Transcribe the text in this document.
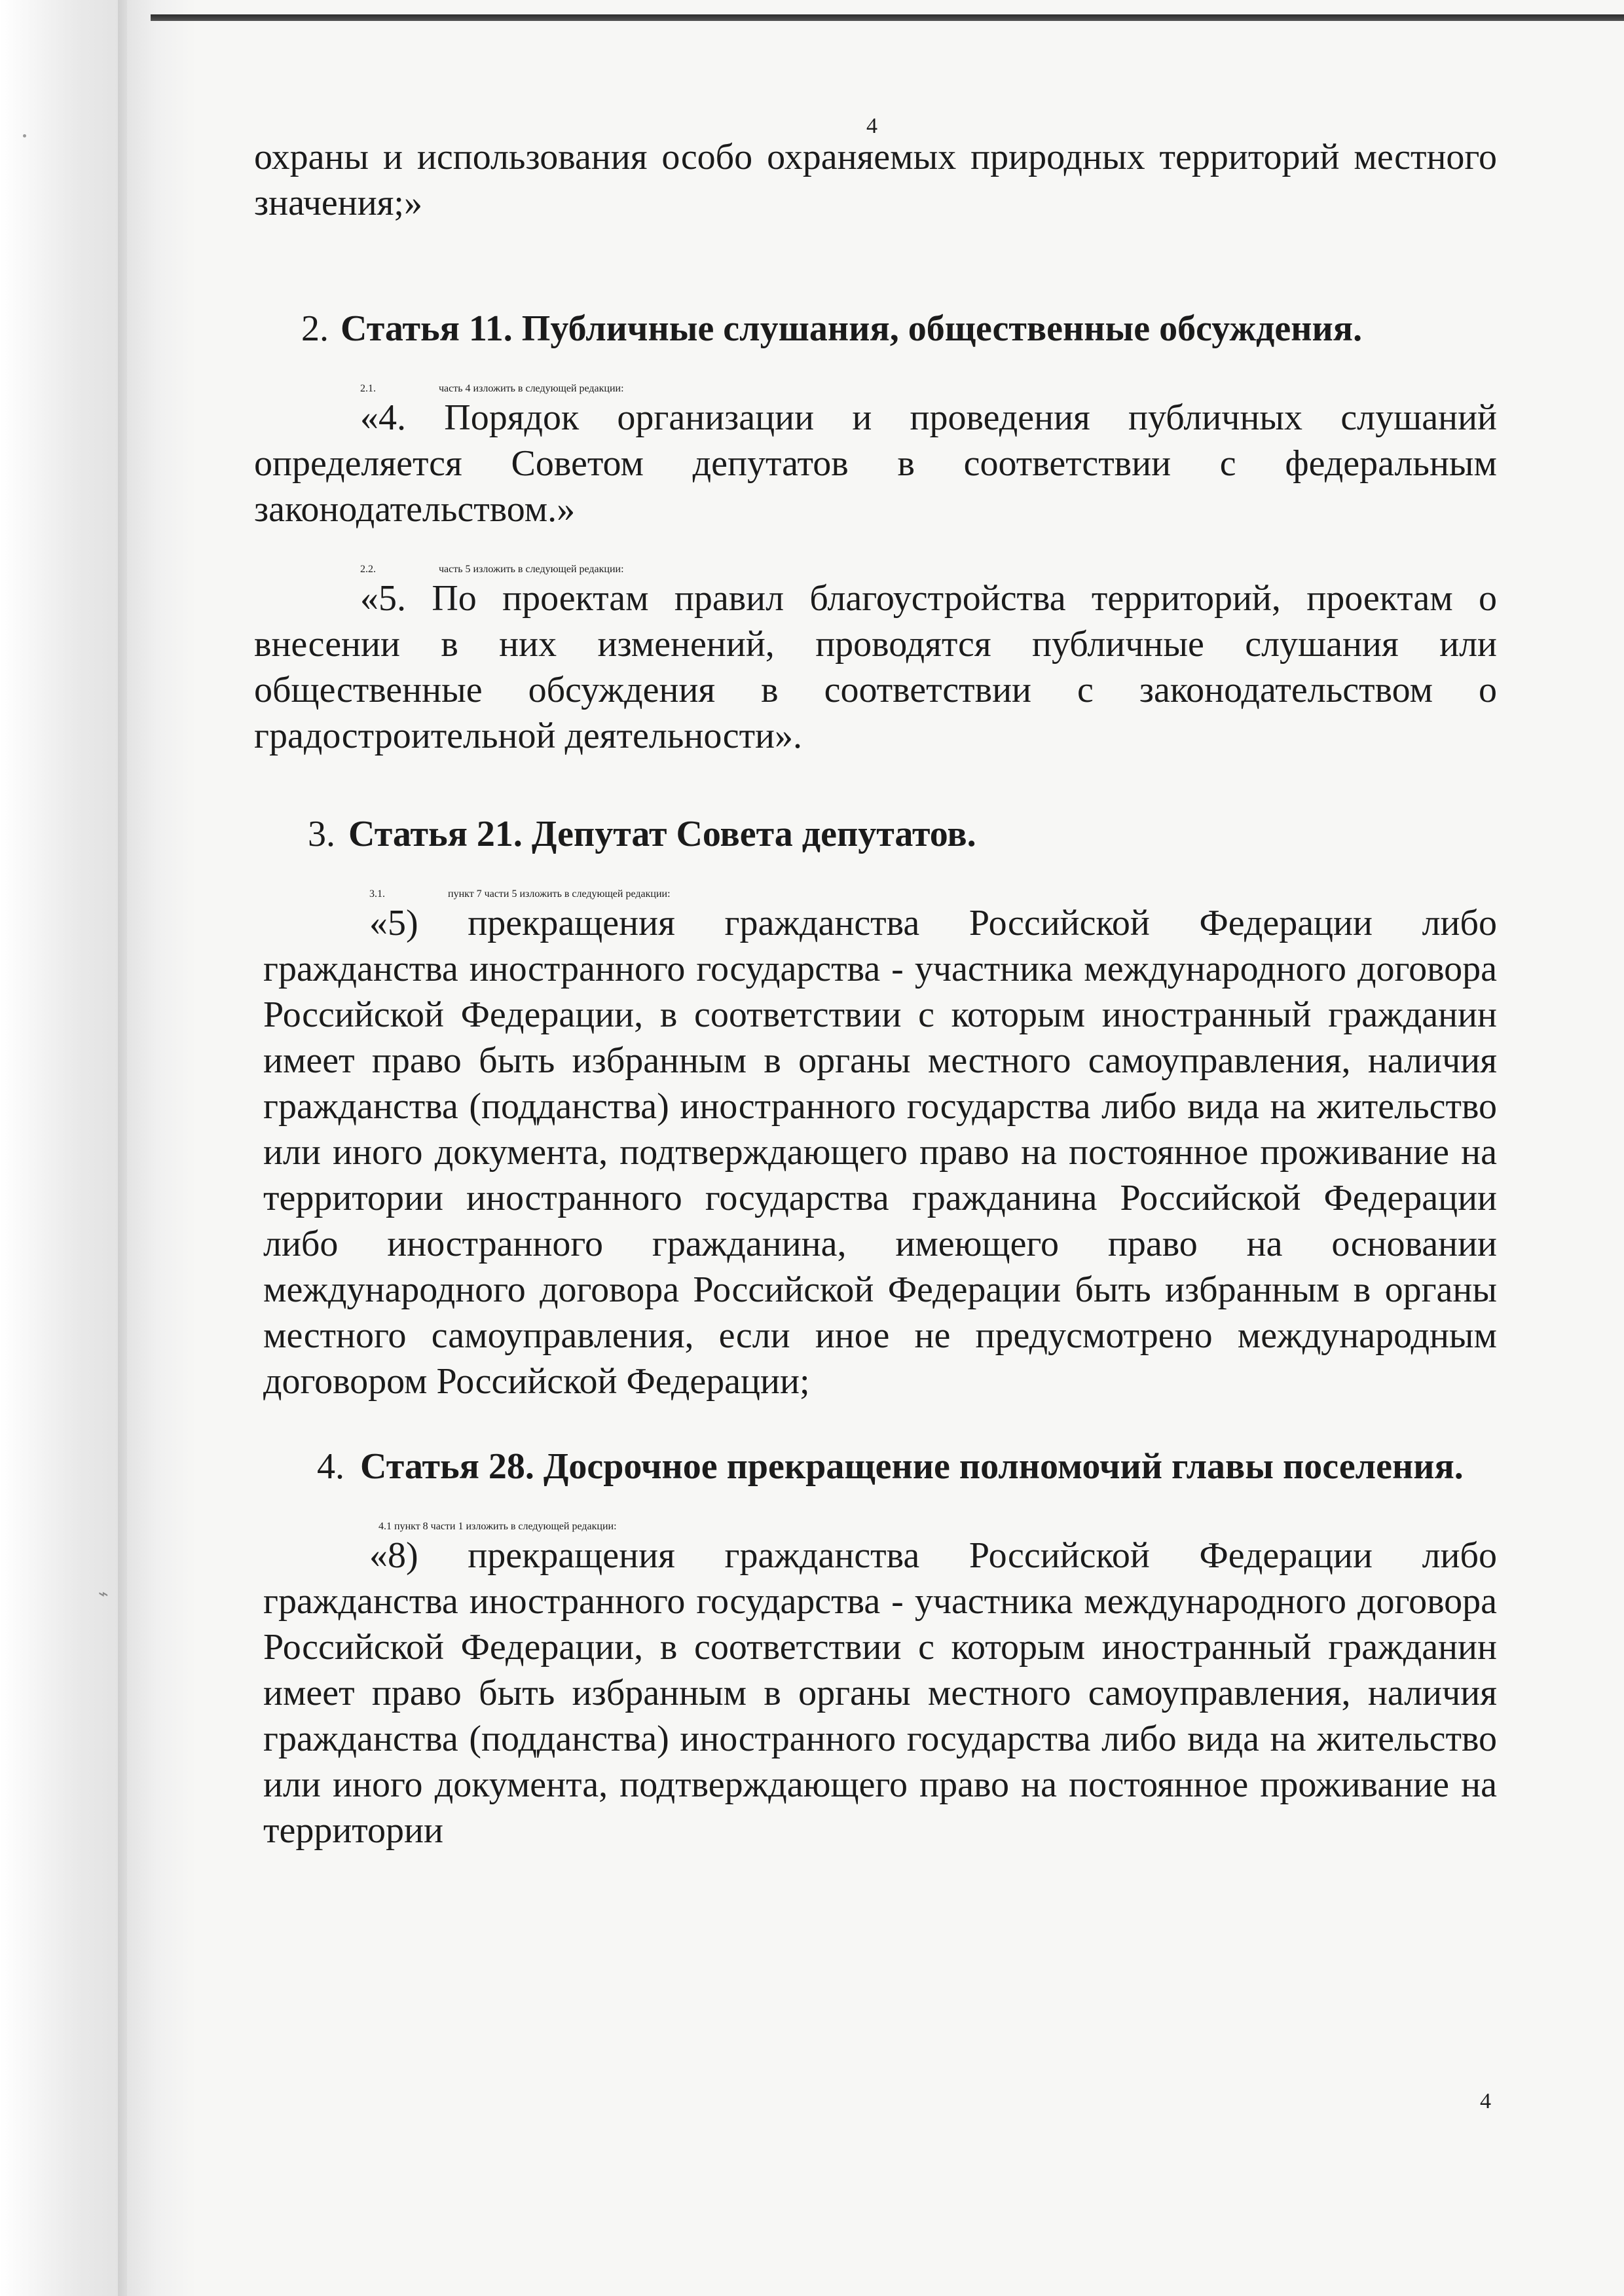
⌁
4

охраны и использования особо охраняемых природных территорий местного значения;»

2. Статья 11. Публичные слушания, общественные обсуждения.
2.1.	часть 4 изложить в следующей редакции:

«4. Порядок организации и проведения публичных слушаний определяется Советом депутатов в соответствии с федеральным законодательством.»

2.2.	часть 5 изложить в следующей редакции:

«5. По проектам правил благоустройства территорий, проектам о внесении в них изменений, проводятся публичные слушания или общественные обсуждения в соответствии с законодательством о градостроительной деятельности».

3. Статья 21. Депутат Совета депутатов.
3.1.	пункт 7 части 5 изложить в следующей редакции:

«5) прекращения гражданства Российской Федерации либо гражданства иностранного государства - участника международного договора Российской Федерации, в соответствии с которым иностранный гражданин имеет право быть избранным в органы местного самоуправления, наличия гражданства (подданства) иностранного государства либо вида на жительство или иного документа, подтверждающего право на постоянное проживание на территории иностранного государства гражданина Российской Федерации либо иностранного гражданина, имеющего право на основании международного договора Российской Федерации быть избранным в органы местного самоуправления, если иное не предусмотрено международным договором Российской Федерации;

4. Статья 28. Досрочное прекращение полномочий главы поселения.
4.1 пункт 8 части 1 изложить в следующей редакции:

«8) прекращения гражданства Российской Федерации либо гражданства иностранного государства - участника международного договора Российской Федерации, в соответствии с которым иностранный гражданин имеет право быть избранным в органы местного самоуправления, наличия гражданства (подданства) иностранного государства либо вида на жительство или иного документа, подтверждающего право на постоянное проживание на территории

4
